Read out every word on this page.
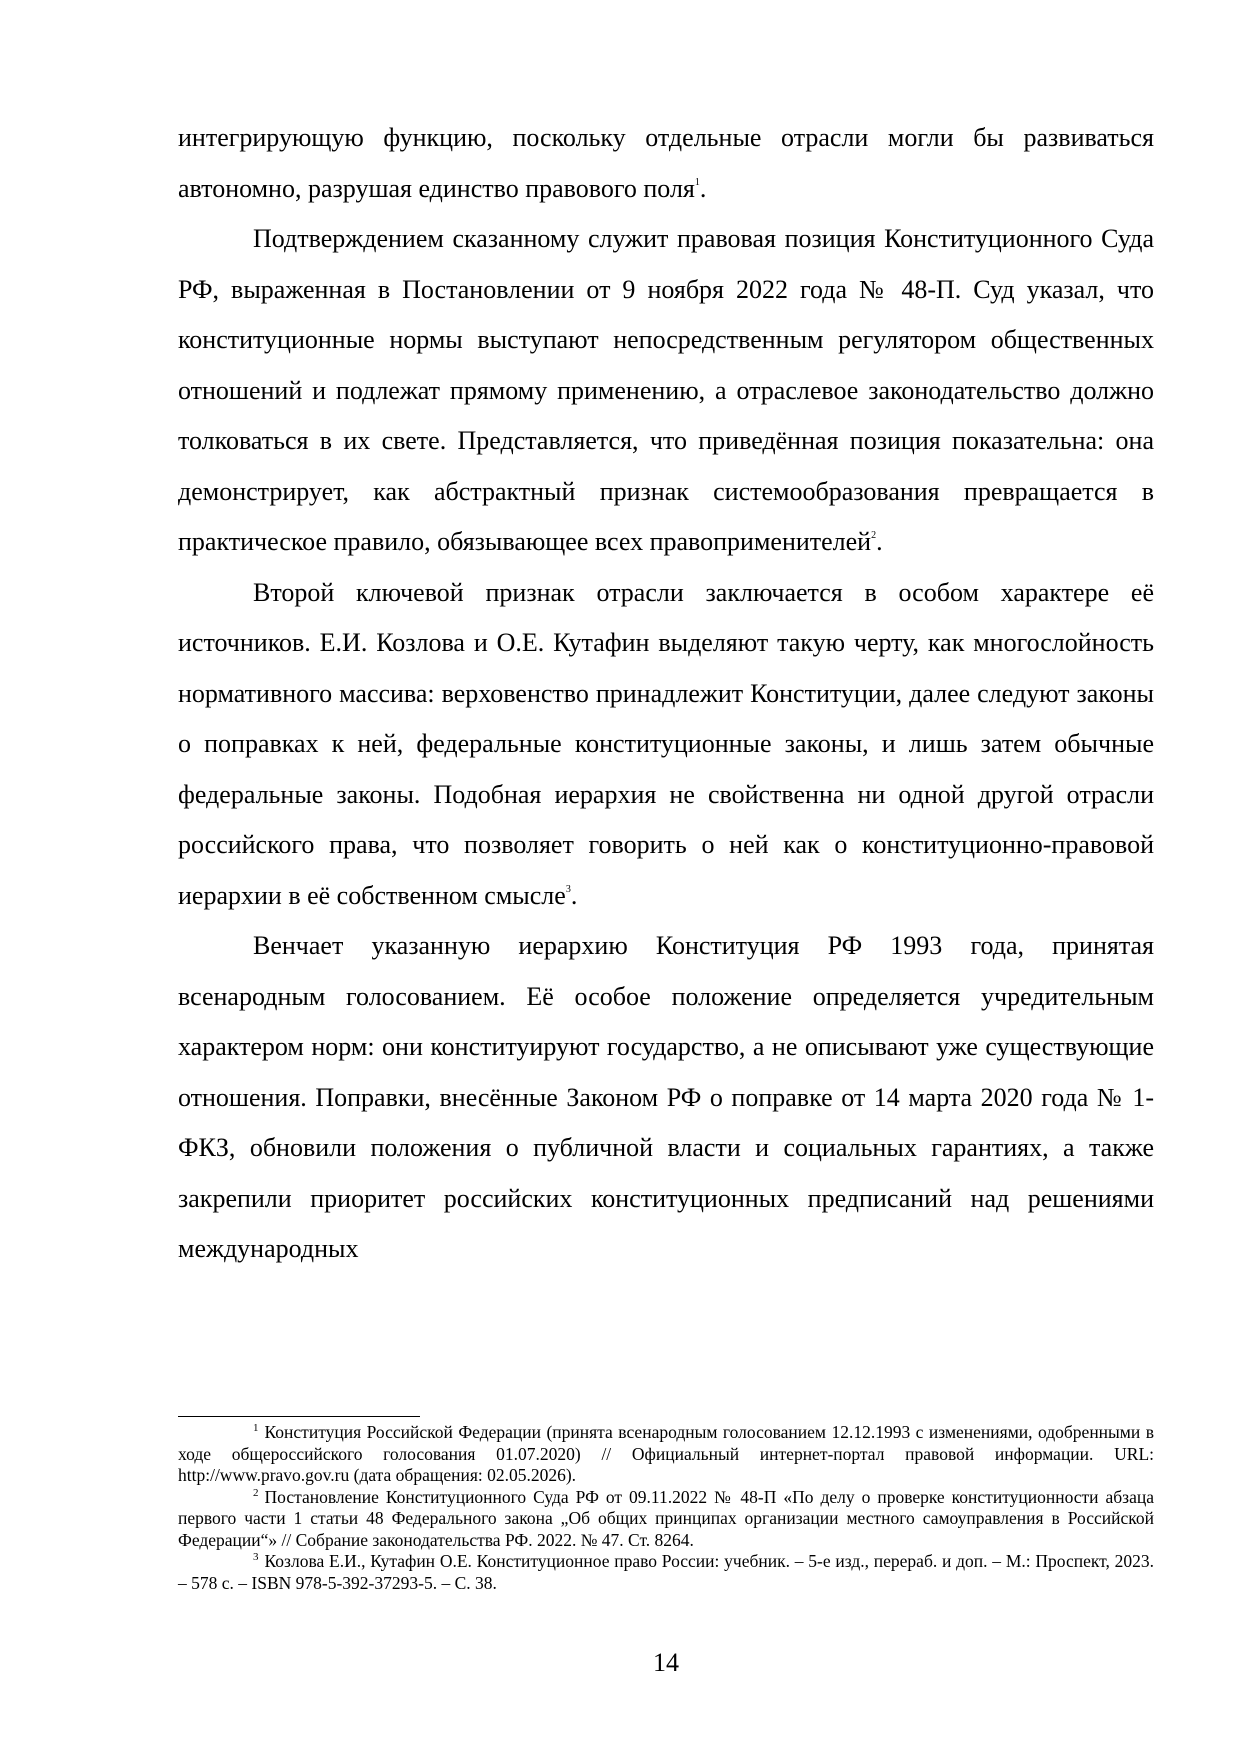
интегрирующую функцию, поскольку отдельные отрасли могли бы развиваться автономно, разрушая единство правового поля$^1$.

Подтверждением сказанному служит правовая позиция Конституционного Суда РФ, выраженная в Постановлении от 9 ноября 2022 года № 48-П. Суд указал, что конституционные нормы выступают непосредственным регулятором общественных отношений и подлежат прямому применению, а отраслевое законодательство должно толковаться в их свете. Представляется, что приведённая позиция показательна: она демонстрирует, как абстрактный признак системообразования превращается в практическое правило, обязывающее всех правоприменителей$^2$.

Второй ключевой признак отрасли заключается в особом характере её источников. Е.И. Козлова и О.Е. Кутафин выделяют такую черту, как многослойность нормативного массива: верховенство принадлежит Конституции, далее следуют законы о поправках к ней, федеральные конституционные законы, и лишь затем обычные федеральные законы. Подобная иерархия не свойственна ни одной другой отрасли российского права, что позволяет говорить о ней как о конституционно-правовой иерархии в её собственном смысле$^3$.

Венчает указанную иерархию Конституция РФ 1993 года, принятая всенародным голосованием. Её особое положение определяется учредительным характером норм: они конституируют государство, а не описывают уже существующие отношения. Поправки, внесённые Законом РФ о поправке от 14 марта 2020 года № 1-ФКЗ, обновили положения о публичной власти и социальных гарантиях, а также закрепили приоритет российских конституционных предписаний над решениями международных

$^1$ Конституция Российской Федерации (принята всенародным голосованием 12.12.1993 с изменениями, одобренными в ходе общероссийского голосования 01.07.2020) // Официальный интернет-портал правовой информации. URL: http://www.pravo.gov.ru (дата обращения: 02.05.2026).

$^2$ Постановление Конституционного Суда РФ от 09.11.2022 № 48-П «По делу о проверке конституционности абзаца первого части 1 статьи 48 Федерального закона „Об общих принципах организации местного самоуправления в Российской Федерации“» // Собрание законодательства РФ. 2022. № 47. Ст. 8264.

$^3$ Козлова Е.И., Кутафин О.Е. Конституционное право России: учебник. – 5-е изд., перераб. и доп. – М.: Проспект, 2023. – 578 с. – ISBN 978-5-392-37293-5. – С. 38.

14
